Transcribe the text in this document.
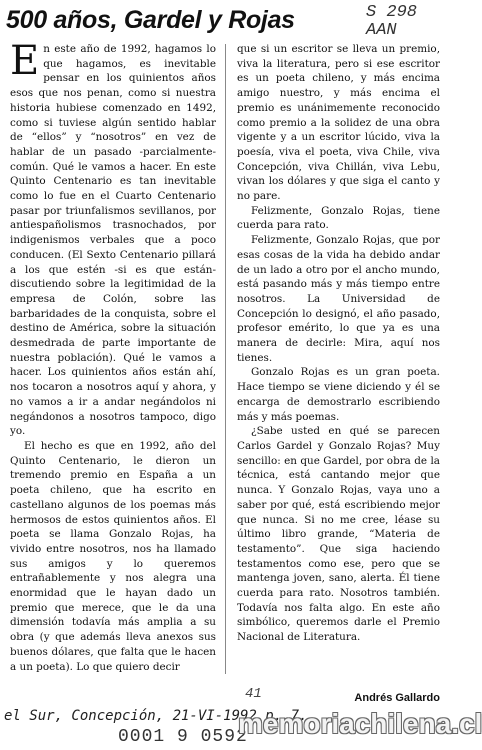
500 años, Gardel y Rojas	S 298
AAN

En este año de 1992, hagamos lo que hagamos, es inevitable pensar en los quinientos años esos que nos penan, como si nuestra historia hubiese comenzado en 1492, como si tuviese algún sentido hablar de “ellos” y “nosotros” en vez de hablar de un pasado -parcialmente- común. Qué le vamos a hacer. En este Quinto Centenario es tan inevitable como lo fue en el Cuarto Centenario pasar por triunfalismos sevillanos, por antiespañolismos trasnochados, por indigenismos verbales que a poco conducen. (El Sexto Centenario pillará a los que estén -si es que están- discutiendo sobre la legitimidad de la empresa de Colón, sobre las barbaridades de la conquista, sobre el destino de América, sobre la situación desmedrada de parte importante de nuestra población). Qué le vamos a hacer. Los quinientos años están ahí, nos tocaron a nosotros aquí y ahora, y no vamos a ir a andar negándolos ni negándonos a nosotros tampoco, digo yo.

El hecho es que en 1992, año del Quinto Centenario, le dieron un tremendo premio en España a un poeta chileno, que ha escrito en castellano algunos de los poemas más hermosos de estos quinientos años. El poeta se llama Gonzalo Rojas, ha vivido entre nosotros, nos ha llamado sus amigos y lo queremos entrañablemente y nos alegra una enormidad que le hayan dado un premio que merece, que le da una dimensión todavía más amplia a su obra (y que además lleva anexos sus buenos dólares, que falta que le hacen a un poeta). Lo que quiero decir

que si un escritor se lleva un premio, viva la literatura, pero si ese escritor es un poeta chileno, y más encima amigo nuestro, y más encima el premio es unánimemente reconocido como premio a la solidez de una obra vigente y a un escritor lúcido, viva la poesía, viva el poeta, viva Chile, viva Concepción, viva Chillán, viva Lebu, vivan los dólares y que siga el canto y no pare.

Felizmente, Gonzalo Rojas, tiene cuerda para rato.

Felizmente, Gonzalo Rojas, que por esas cosas de la vida ha debido andar de un lado a otro por el ancho mundo, está pasando más y más tiempo entre nosotros. La Universidad de Concepción lo designó, el año pasado, profesor emérito, lo que ya es una manera de decirle: Mira, aquí nos tienes.

Gonzalo Rojas es un gran poeta. Hace tiempo se viene diciendo y él se encarga de demostrarlo escribiendo más y más poemas.

¿Sabe usted en qué se parecen Carlos Gardel y Gonzalo Rojas? Muy sencillo: en que Gardel, por obra de la técnica, está cantando mejor que nunca. Y Gonzalo Rojas, vaya uno a saber por qué, está escribiendo mejor que nunca. Si no me cree, léase su último libro grande, “Materia de testamento”. Que siga haciendo testamentos como ese, pero que se mantenga joven, sano, alerta. Él tiene cuerda para rato. Nosotros también. Todavía nos falta algo. En este año simbólico, queremos darle el Premio Nacional de Literatura.

41	Andrés Gallardo
el Sur, Concepción, 21-VI-1992 p. 7.
0001 9 0592
memoriachilena.cl
